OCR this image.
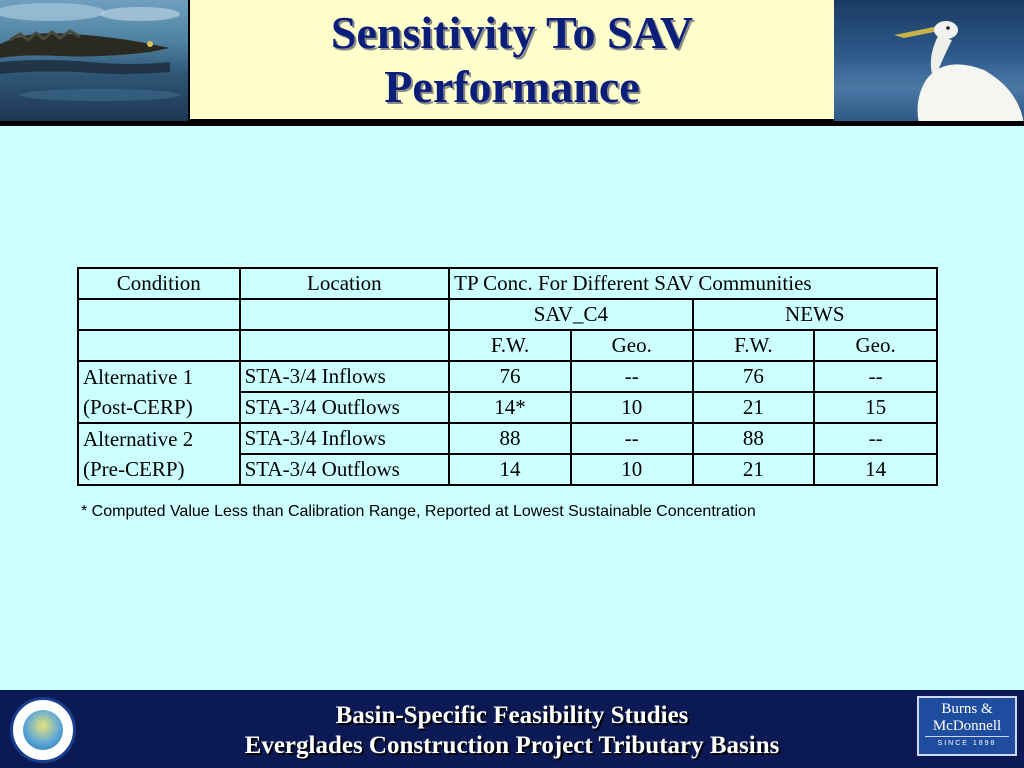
Sensitivity To SAV
Performance
Condition	Location	TP Conc. For Different SAV Communities			
		SAV_C4		NEWS	
		F.W.	Geo.	F.W.	Geo.
Alternative 1	STA-3/4 Inflows	76	--	76	--
(Post-CERP)	STA-3/4 Outflows	14*	10	21	15
Alternative 2	STA-3/4 Inflows	88	--	88	--
(Pre-CERP)	STA-3/4 Outflows	14	10	21	14
* Computed Value Less than Calibration Range, Reported at Lowest Sustainable Concentration
Basin-Specific Feasibility Studies
Everglades Construction Project Tributary Basins
Burns &
McDonnell
SINCE 1898
